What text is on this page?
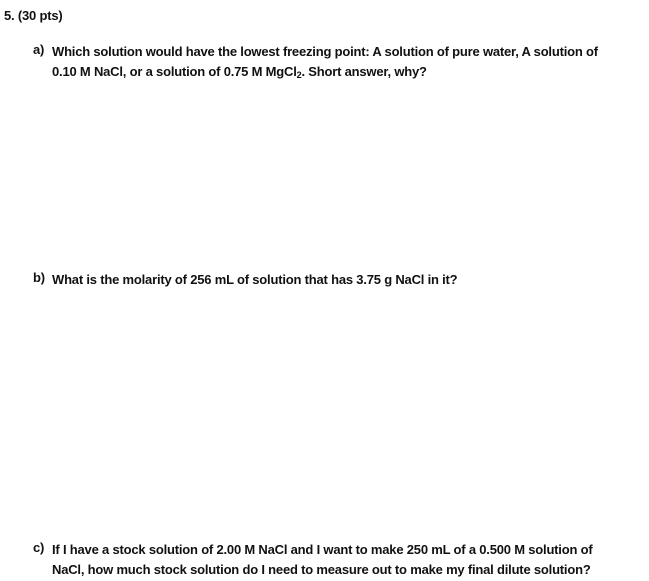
5. (30 pts)
a) Which solution would have the lowest freezing point: A solution of pure water, A solution of
0.10 M NaCl, or a solution of 0.75 M MgCl$_2$. Short answer, why?
b) What is the molarity of 256 mL of solution that has 3.75 g NaCl in it?
c) If I have a stock solution of 2.00 M NaCl and I want to make 250 mL of a 0.500 M solution of
NaCl, how much stock solution do I need to measure out to make my final dilute solution?
